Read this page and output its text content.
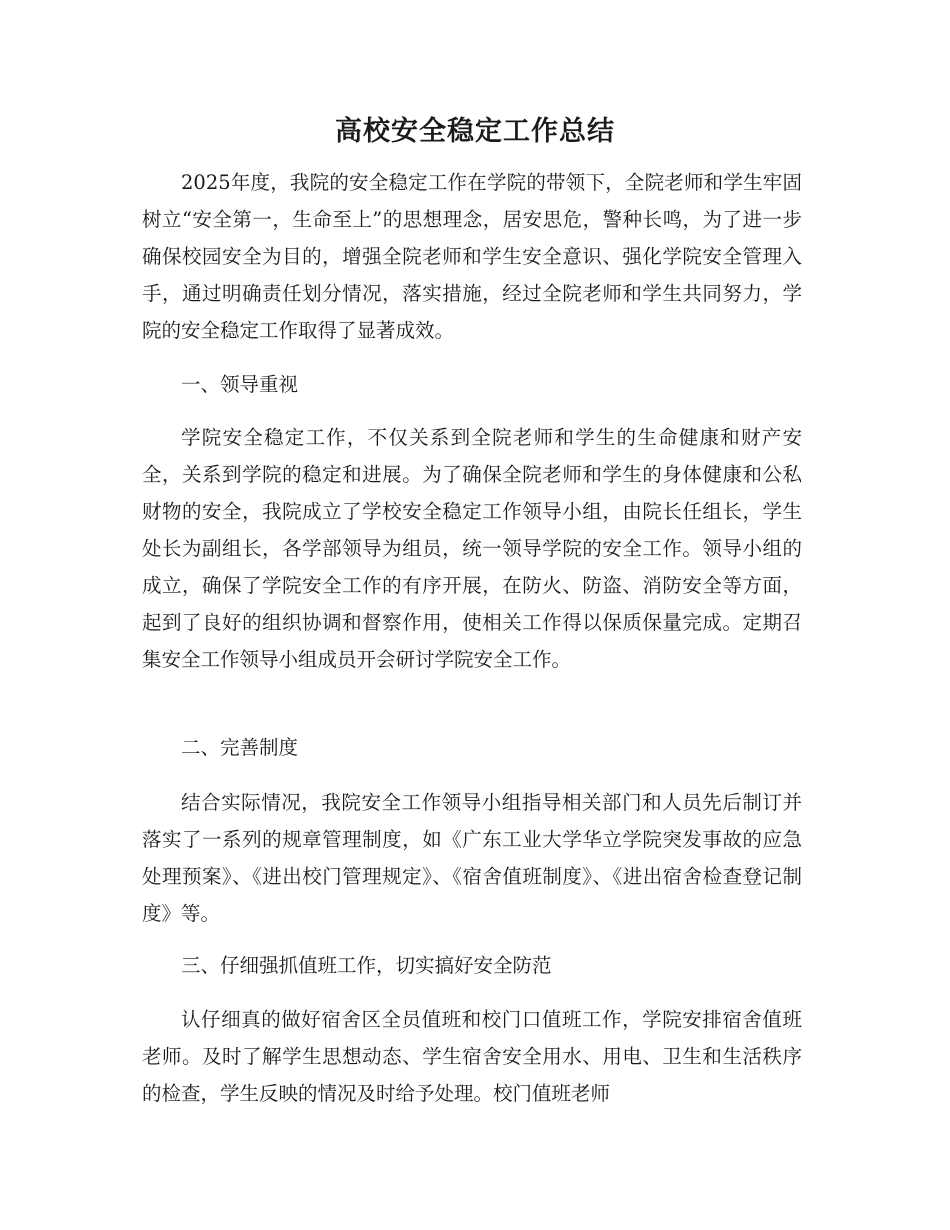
高校安全稳定工作总结

2025年度，我院的安全稳定工作在学院的带领下，全院老师和学生牢固树立“安全第一，生命至上”的思想理念，居安思危，警种长鸣，为了进一步确保校园安全为目的，增强全院老师和学生安全意识、强化学院安全管理入手，通过明确责任划分情况，落实措施，经过全院老师和学生共同努力，学院的安全稳定工作取得了显著成效。

一、领导重视

学院安全稳定工作，不仅关系到全院老师和学生的生命健康和财产安全，关系到学院的稳定和进展。为了确保全院老师和学生的身体健康和公私财物的安全，我院成立了学校安全稳定工作领导小组，由院长任组长，学生处长为副组长，各学部领导为组员，统一领导学院的安全工作。领导小组的成立，确保了学院安全工作的有序开展，在防火、防盗、消防安全等方面，起到了良好的组织协调和督察作用，使相关工作得以保质保量完成。定期召集安全工作领导小组成员开会研讨学院安全工作。

二、完善制度

结合实际情况，我院安全工作领导小组指导相关部门和人员先后制订并落实了一系列的规章管理制度，如《广东工业大学华立学院突发事故的应急处理预案》、《进出校门管理规定》、《宿舍值班制度》、《进出宿舍检查登记制度》等。

三、仔细强抓值班工作，切实搞好安全防范

认仔细真的做好宿舍区全员值班和校门口值班工作，学院安排宿舍值班老师。及时了解学生思想动态、学生宿舍安全用水、用电、卫生和生活秩序的检查，学生反映的情况及时给予处理。校门值班老师
